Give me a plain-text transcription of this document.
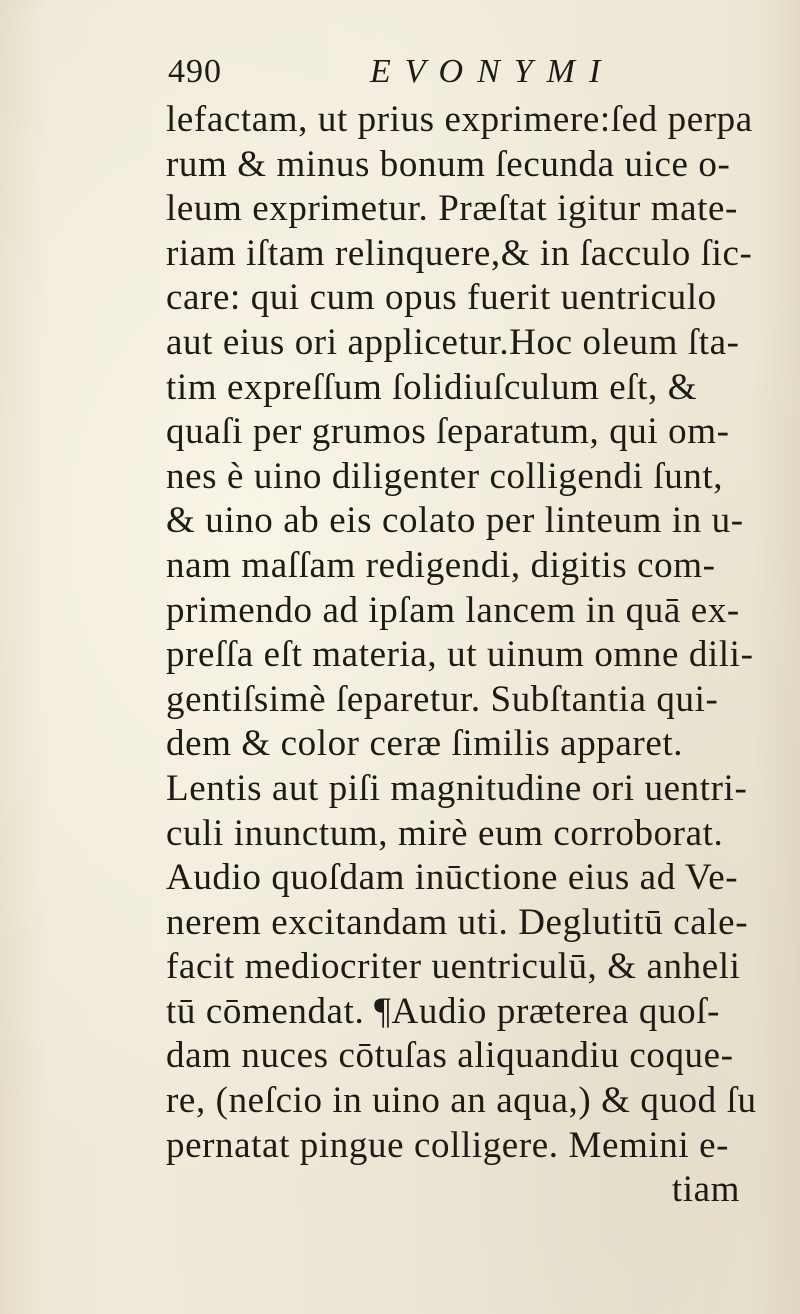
490	EVONYMI
lefactam, ut prius exprimere:ſed perpa
rum & minus bonum ſecunda uice o-
leum exprimetur. Præſtat igitur mate-
riam iſtam relinquere,& in ſacculo ſic-
care: qui cum opus fuerit uentriculo
aut eius ori applicetur.Hoc oleum ſta-
tim expreſſum ſolidiuſculum eſt, &
quaſi per grumos ſeparatum, qui om-
nes è uino diligenter colligendi ſunt,
& uino ab eis colato per linteum in u-
nam maſſam redigendi, digitis com-
primendo ad ipſam lancem in quā ex-
preſſa eſt materia, ut uinum omne dili-
gentiſsimè ſeparetur. Subſtantia qui-
dem & color ceræ ſimilis apparet.
Lentis aut piſi magnitudine ori uentri-
culi inunctum, mirè eum corroborat.
Audio quoſdam inūctione eius ad Ve-
nerem excitandam uti. Deglutitū cale-
facit mediocriter uentriculū, & anheli
tū cōmendat. ¶Audio præterea quoſ-
dam nuces cōtuſas aliquandiu coque-
re, (neſcio in uino an aqua,) & quod ſu
pernatat pingue colligere. Memini e-
tiam
